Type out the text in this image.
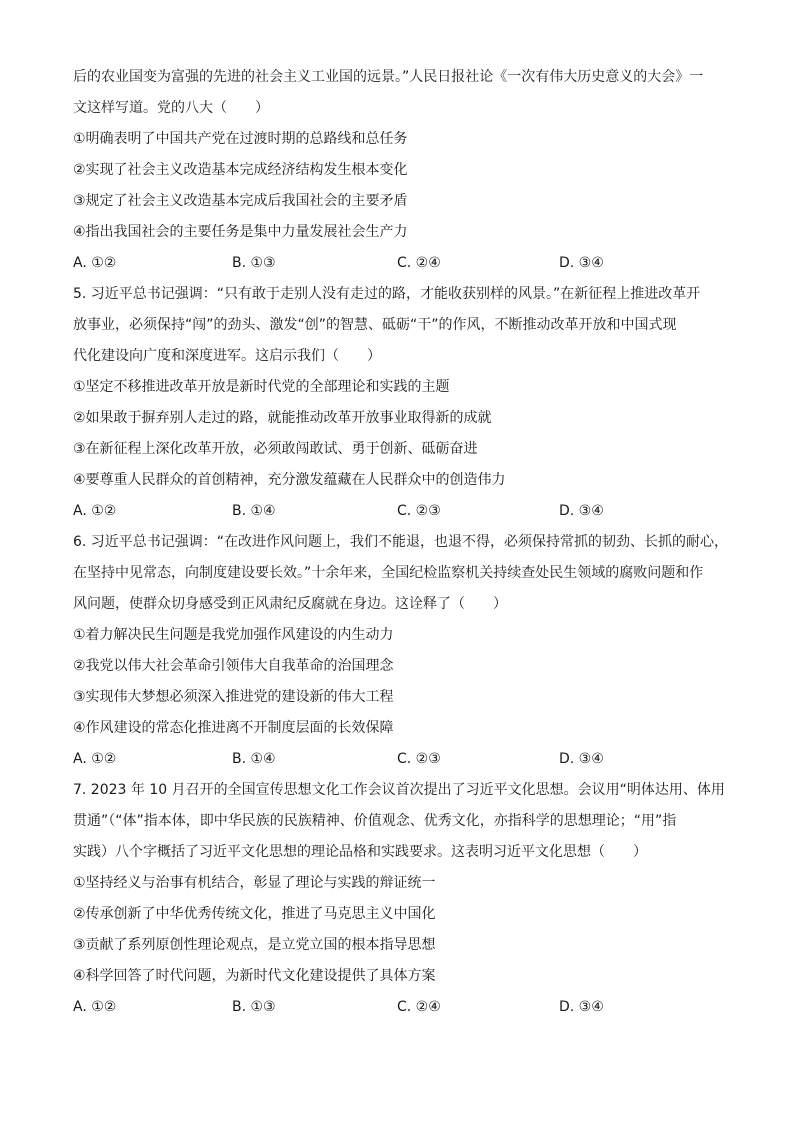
后的农业国变为富强的先进的社会主义工业国的远景。”人民日报社论《一次有伟大历史意义的大会》一
文这样写道。党的八大（　　）
①明确表明了中国共产党在过渡时期的总路线和总任务
②实现了社会主义改造基本完成经济结构发生根本变化
③规定了社会主义改造基本完成后我国社会的主要矛盾
④指出我国社会的主要任务是集中力量发展社会生产力
A. ①②	B. ①③	C. ②④	D. ③④
5. 习近平总书记强调：“只有敢于走别人没有走过的路，才能收获别样的风景。”在新征程上推进改革开
放事业，必须保持“闯”的劲头、激发“创”的智慧、砥砺“干”的作风，不断推动改革开放和中国式现
代化建设向广度和深度进军。这启示我们（　　）
①坚定不移推进改革开放是新时代党的全部理论和实践的主题
②如果敢于摒弃别人走过的路，就能推动改革开放事业取得新的成就
③在新征程上深化改革开放，必须敢闯敢试、勇于创新、砥砺奋进
④要尊重人民群众的首创精神，充分激发蕴藏在人民群众中的创造伟力
A. ①②	B. ①④	C. ②③	D. ③④
6. 习近平总书记强调：“在改进作风问题上，我们不能退，也退不得，必须保持常抓的韧劲、长抓的耐心，
在坚持中见常态，向制度建设要长效。”十余年来，全国纪检监察机关持续查处民生领域的腐败问题和作
风问题，使群众切身感受到正风肃纪反腐就在身边。这诠释了（　　）
①着力解决民生问题是我党加强作风建设的内生动力
②我党以伟大社会革命引领伟大自我革命的治国理念
③实现伟大梦想必须深入推进党的建设新的伟大工程
④作风建设的常态化推进离不开制度层面的长效保障
A. ①②	B. ①④	C. ②③	D. ③④
7. 2023 年 10 月召开的全国宣传思想文化工作会议首次提出了习近平文化思想。会议用“明体达用、体用
贯通”（“体”指本体，即中华民族的民族精神、价值观念、优秀文化，亦指科学的思想理论；“用”指
实践）八个字概括了习近平文化思想的理论品格和实践要求。这表明习近平文化思想（　　）
①坚持经义与治事有机结合，彰显了理论与实践的辩证统一
②传承创新了中华优秀传统文化，推进了马克思主义中国化
③贡献了系列原创性理论观点，是立党立国的根本指导思想
④科学回答了时代问题，为新时代文化建设提供了具体方案
A. ①②	B. ①③	C. ②④	D. ③④
